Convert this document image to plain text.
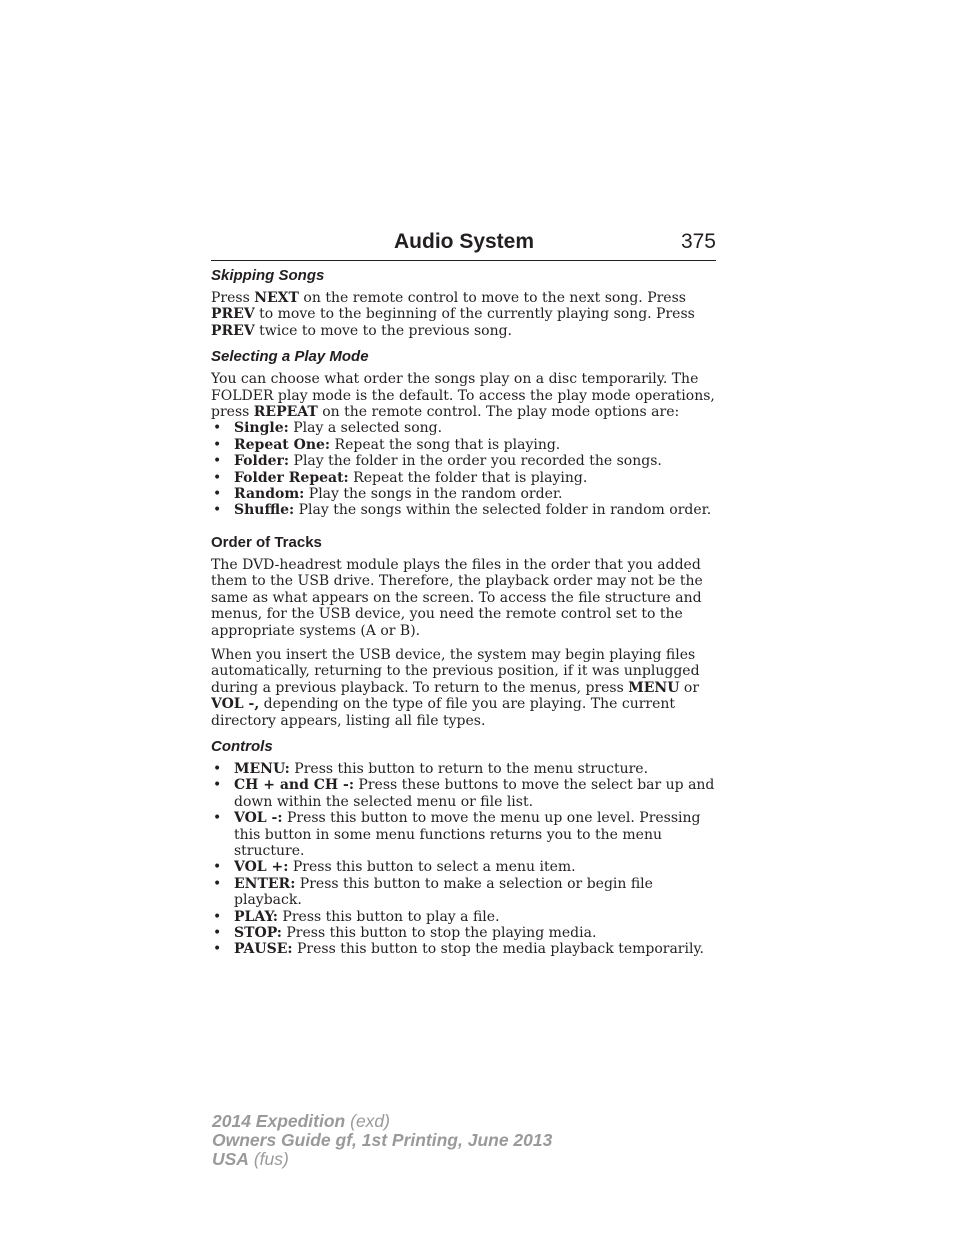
Audio System	375
Skipping Songs

Press NEXT on the remote control to move to the next song. Press PREV to move to the beginning of the currently playing song. Press PREV twice to move to the previous song.

Selecting a Play Mode

You can choose what order the songs play on a disc temporarily. The FOLDER play mode is the default. To access the play mode operations, press REPEAT on the remote control. The play mode options are:

• Single: Play a selected song.
• Repeat One: Repeat the song that is playing.
• Folder: Play the folder in the order you recorded the songs.
• Folder Repeat: Repeat the folder that is playing.
• Random: Play the songs in the random order.
• Shuffle: Play the songs within the selected folder in random order.
Order of Tracks

The DVD-headrest module plays the files in the order that you added them to the USB drive. Therefore, the playback order may not be the same as what appears on the screen. To access the file structure and menus, for the USB device, you need the remote control set to the appropriate systems (A or B).

When you insert the USB device, the system may begin playing files automatically, returning to the previous position, if it was unplugged during a previous playback. To return to the menus, press MENU or VOL -, depending on the type of file you are playing. The current directory appears, listing all file types.

Controls
• MENU: Press this button to return to the menu structure.
• CH + and CH -: Press these buttons to move the select bar up and down within the selected menu or file list.
• VOL -: Press this button to move the menu up one level. Pressing this button in some menu functions returns you to the menu structure.
• VOL +: Press this button to select a menu item.
• ENTER: Press this button to make a selection or begin file playback.
• PLAY: Press this button to play a file.
• STOP: Press this button to stop the playing media.
• PAUSE: Press this button to stop the media playback temporarily.
2014 Expedition (exd)
Owners Guide gf, 1st Printing, June 2013
USA (fus)
